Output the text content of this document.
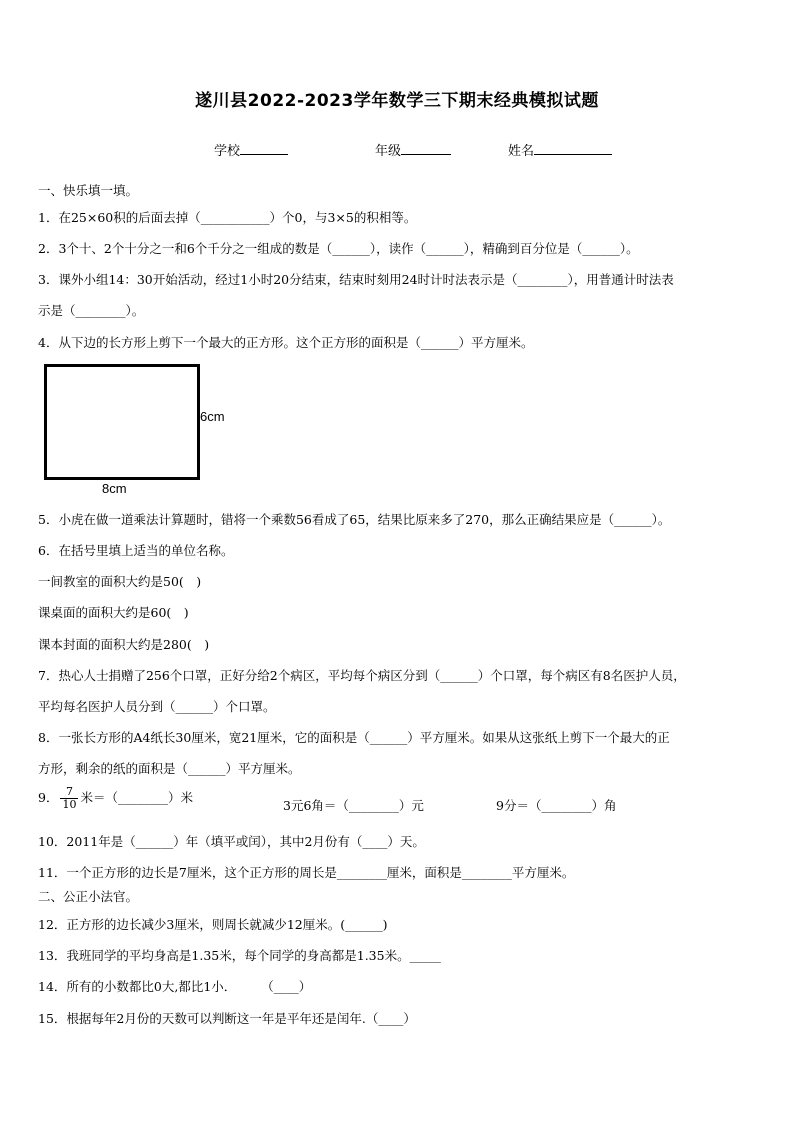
遂川县2022-2023学年数学三下期末经典模拟试题
学校	年级	姓名
一、快乐填一填。
1．在25×60积的后面去掉（___________）个0，与3×5的积相等。
2．3个十、2个十分之一和6个千分之一组成的数是（______），读作（______），精确到百分位是（______）。
3．课外小组14：30开始活动，经过1小时20分结束，结束时刻用24时计时法表示是（________），用普通计时法表
示是（________）。
4．从下边的长方形上剪下一个最大的正方形。这个正方形的面积是（______）平方厘米。
6cm
8cm
5．小虎在做一道乘法计算题时，错将一个乘数56看成了65，结果比原来多了270，那么正确结果应是（______）。
6．在括号里填上适当的单位名称。
一间教室的面积大约是50(　)
课桌面的面积大约是60(　)
课本封面的面积大约是280(　)
7．热心人士捐赠了256个口罩，正好分给2个病区，平均每个病区分到（______）个口罩，每个病区有8名医护人员，
平均每名医护人员分到（______）个口罩。
8．一张长方形的A4纸长30厘米，宽21厘米，它的面积是（______）平方厘米。如果从这张纸上剪下一个最大的正
方形，剩余的纸的面积是（______）平方厘米。
9． $\frac{7}{10}$ 米＝（________）米
3元6角＝（________）元	9分＝（________）角
10．2011年是（______）年（填平或闰），其中2月份有（____）天。
11．一个正方形的边长是7厘米，这个正方形的周长是________厘米，面积是________平方厘米。
二、公正小法官。
12．正方形的边长减少3厘米，则周长就减少12厘米。(______)
13．我班同学的平均身高是1.35米，每个同学的身高都是1.35米。_____
14．所有的小数都比0大,都比1小．　　　（____）
15．根据每年2月份的天数可以判断这一年是平年还是闰年.（____）
